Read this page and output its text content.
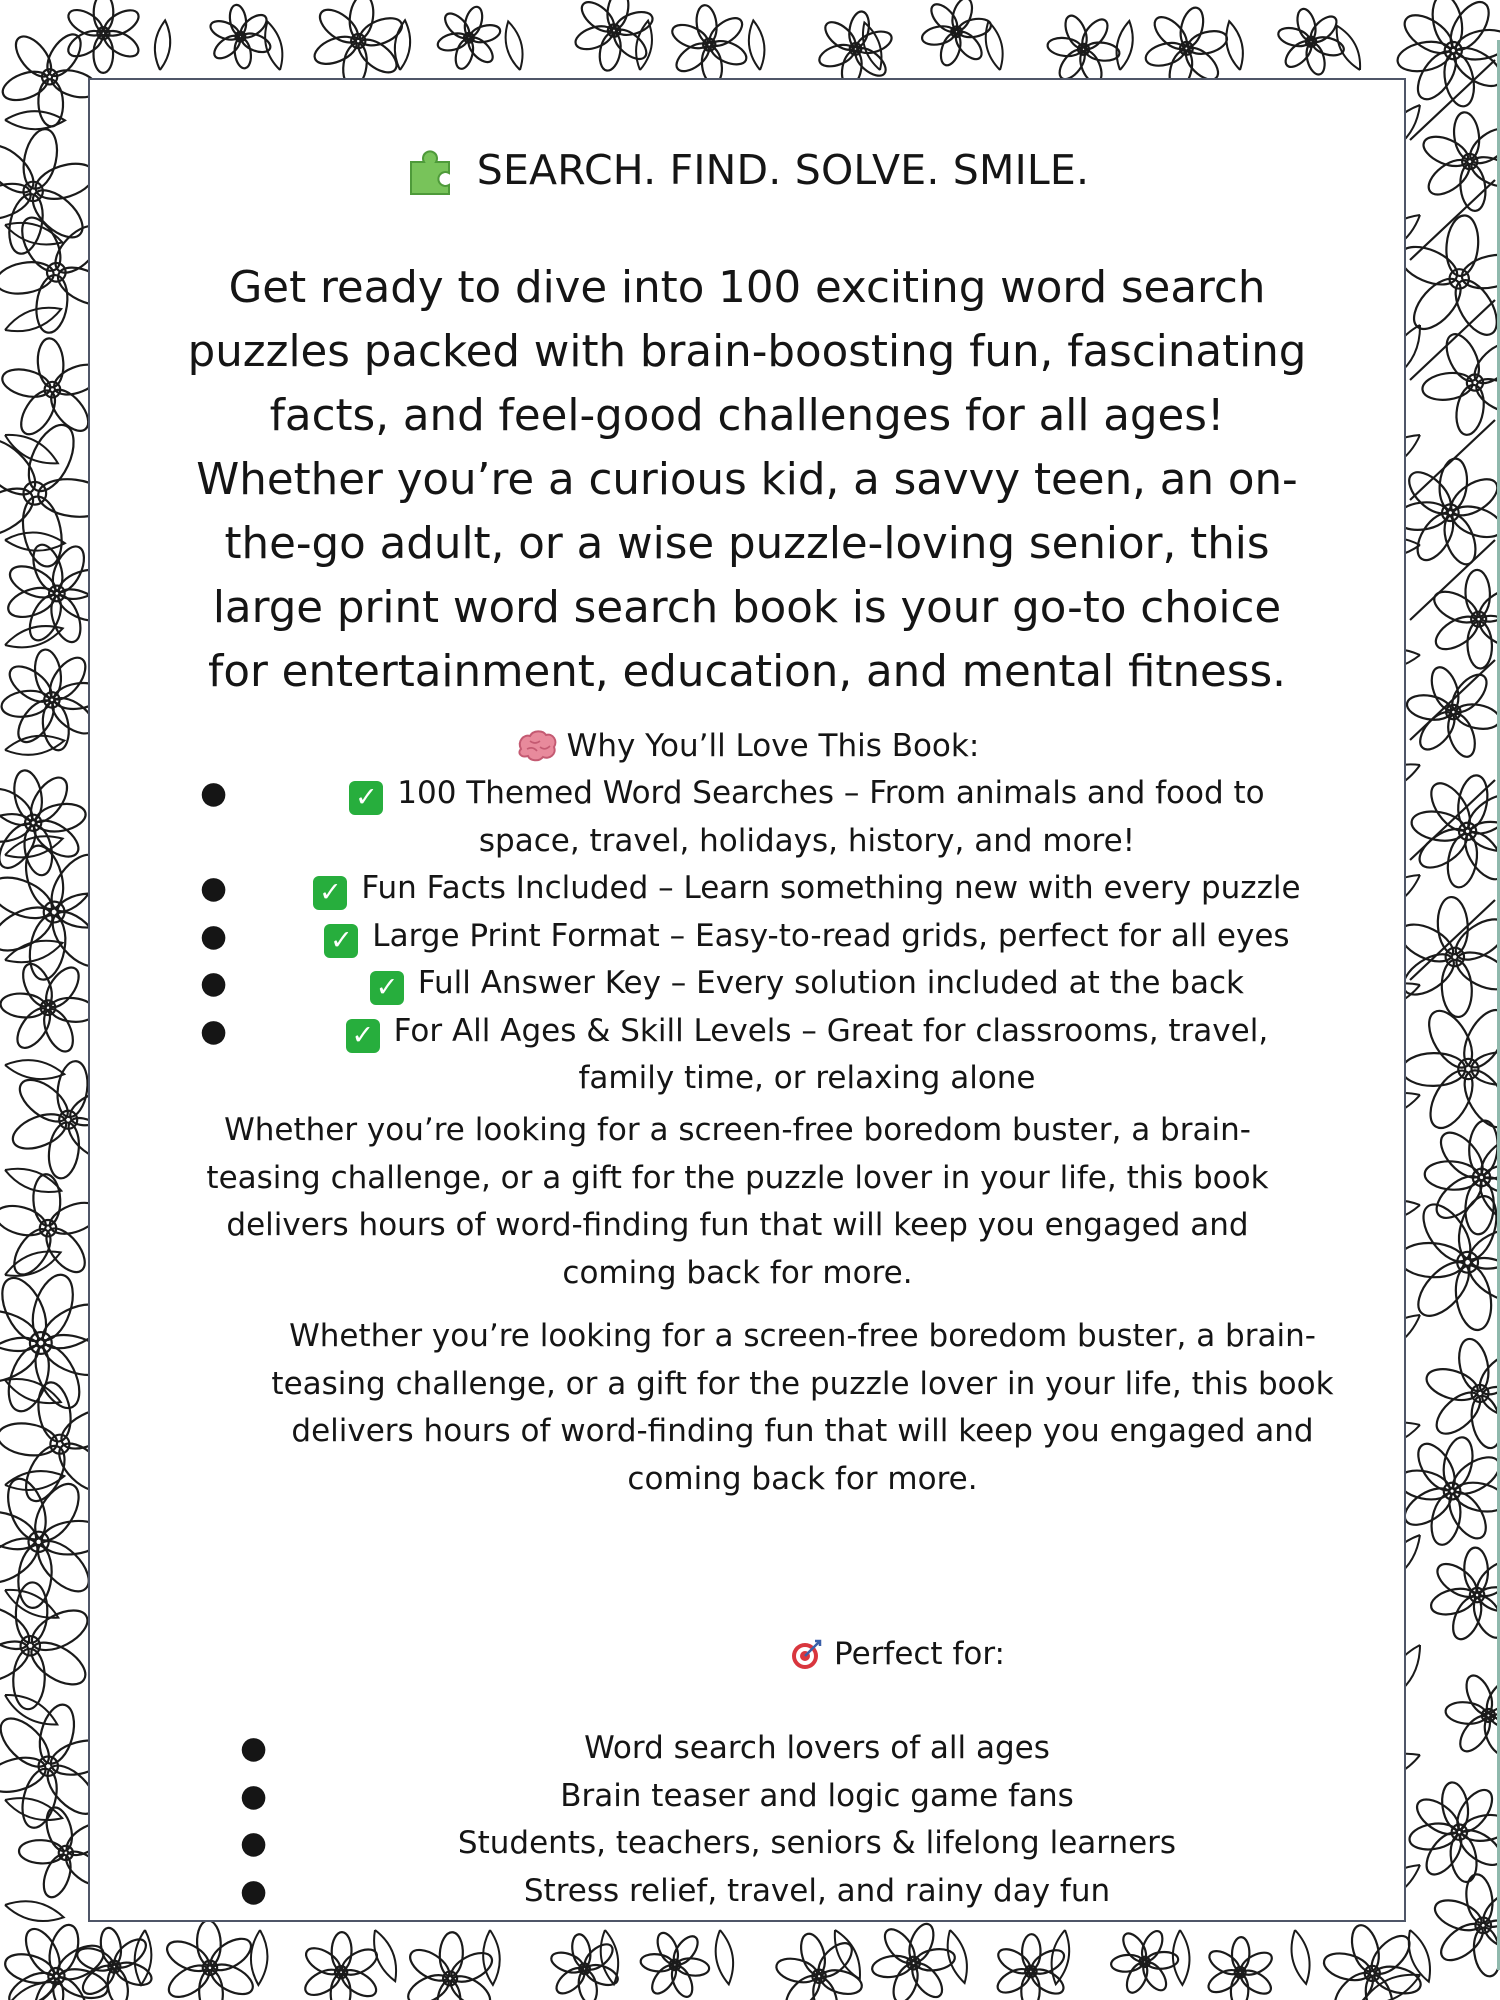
SEARCH. FIND. SOLVE. SMILE.

Get ready to dive into 100 exciting word search
puzzles packed with brain-boosting fun, fascinating
facts, and feel-good challenges for all ages!
Whether you’re a curious kid, a savvy teen, an on-
the-go adult, or a wise puzzle-loving senior, this
large print word search book is your go-to choice
for entertainment, education, and mental fitness.

Why You’ll Love This Book:
●	✓ 100 Themed Word Searches – From animals and food to
space, travel, holidays, history, and more!
●	✓ Fun Facts Included – Learn something new with every puzzle
●	✓ Large Print Format – Easy-to-read grids, perfect for all eyes
●	✓ Full Answer Key – Every solution included at the back
●	✓ For All Ages & Skill Levels – Great for classrooms, travel,
family time, or relaxing alone

Whether you’re looking for a screen-free boredom buster, a brain-
teasing challenge, or a gift for the puzzle lover in your life, this book
delivers hours of word-finding fun that will keep you engaged and
coming back for more.

Whether you’re looking for a screen-free boredom buster, a brain-
teasing challenge, or a gift for the puzzle lover in your life, this book
delivers hours of word-finding fun that will keep you engaged and
coming back for more.

Perfect for:
●	Word search lovers of all ages
●	Brain teaser and logic game fans
●	Students, teachers, seniors & lifelong learners
●	Stress relief, travel, and rainy day fun
